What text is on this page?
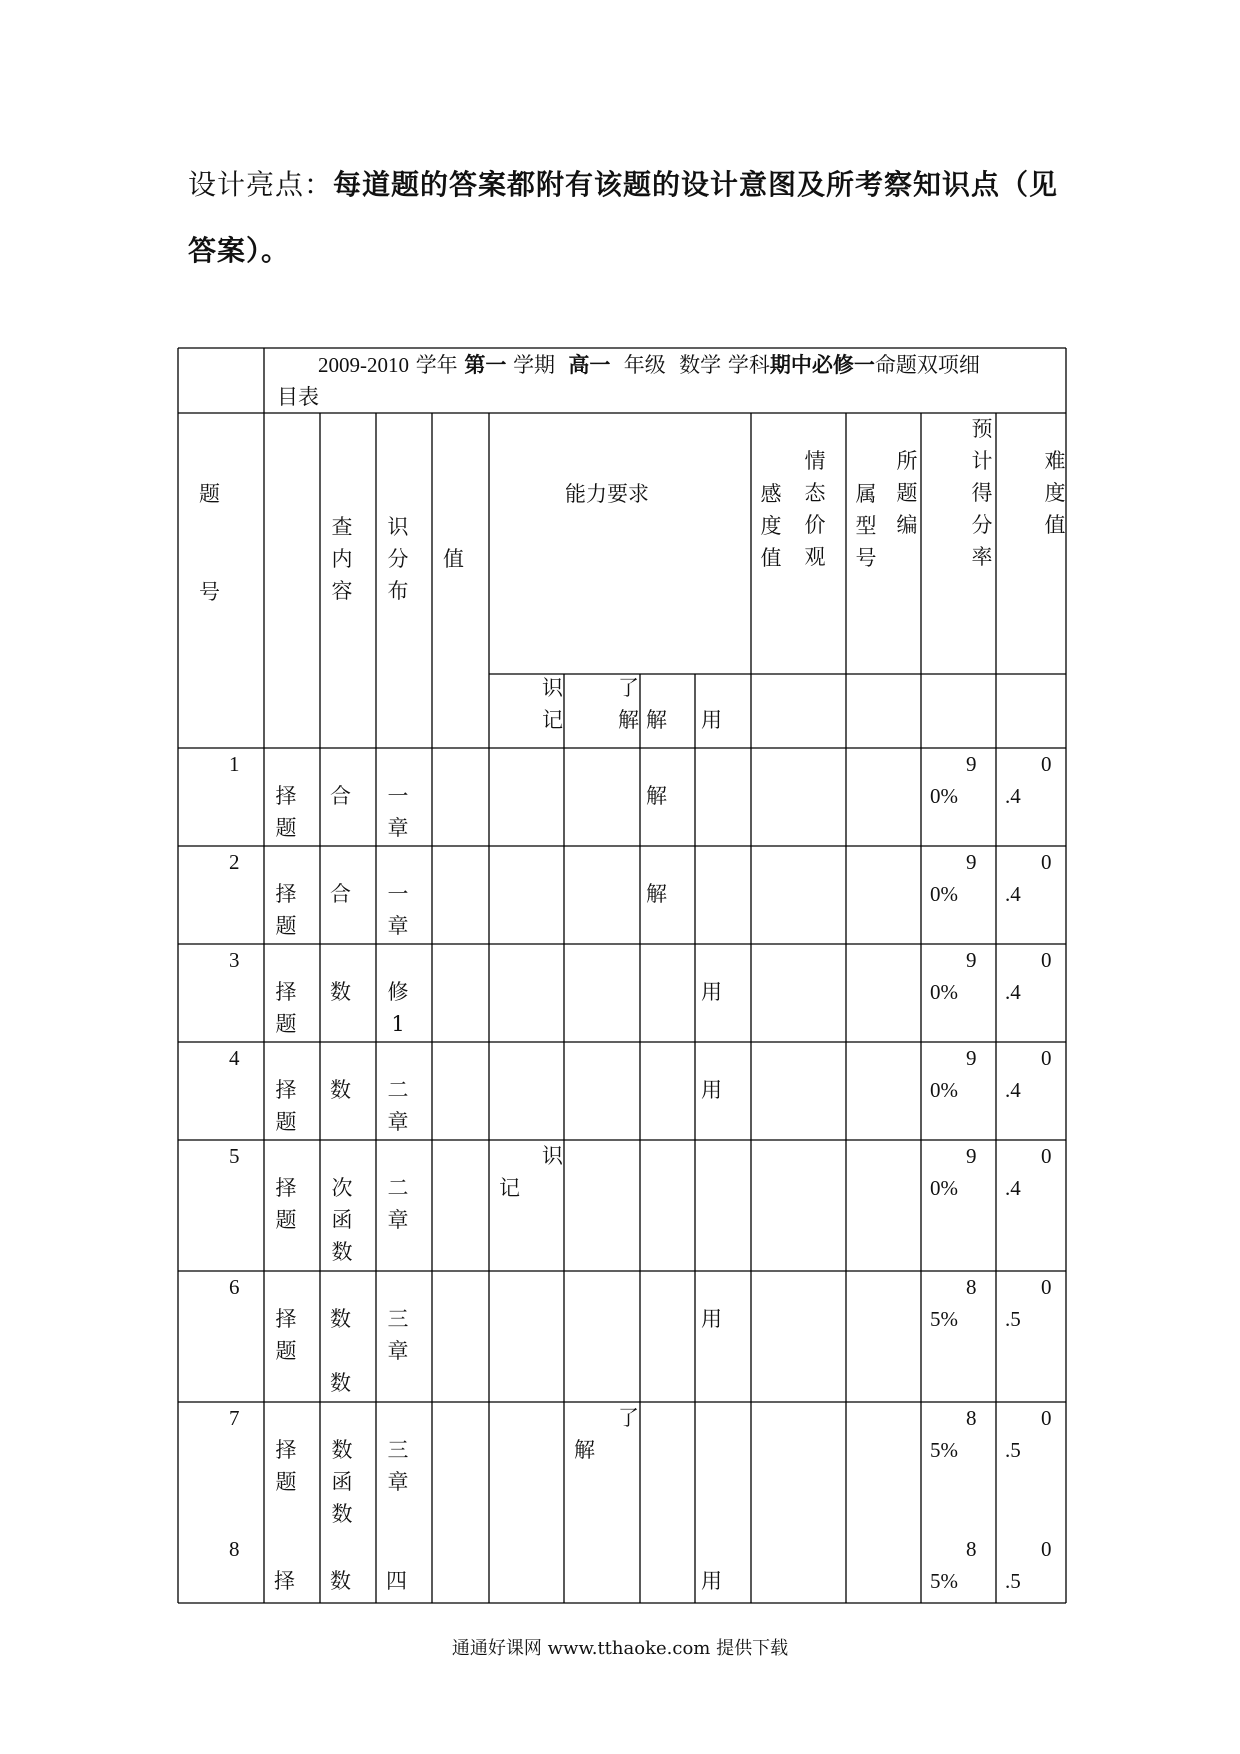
设计亮点：每道题的答案都附有该题的设计意图及所考察知识点（见
答案）。
2009-2010 学年 第一 学期 高一 年级 数学 学科期中必修一命题双项细
目表
题
号
查内容
识分布
值
能力要求	感度值
情态价观
属型号
所题编
预计得分率
难度值
识
记
了
解 解 用
1
择题
合 一章
解
9
0%
0
.4
2
择题
合 一章
解
9
0%
0
.4
3
择题
数 修1
用
9
0%
0
.4
4
择题
数 二章
用
9
0%
0
.4
5
择题
次函数
二章
识
记
9
0%
0
.4
6
择题
数
数
三章
用
8
5%
0
.5
7
择题
数函数
三章
了
解
8
5%
0
.5
8
择 数 四	用
8
5%
0
.5
通通好课网 www.tthaoke.com 提供下载
